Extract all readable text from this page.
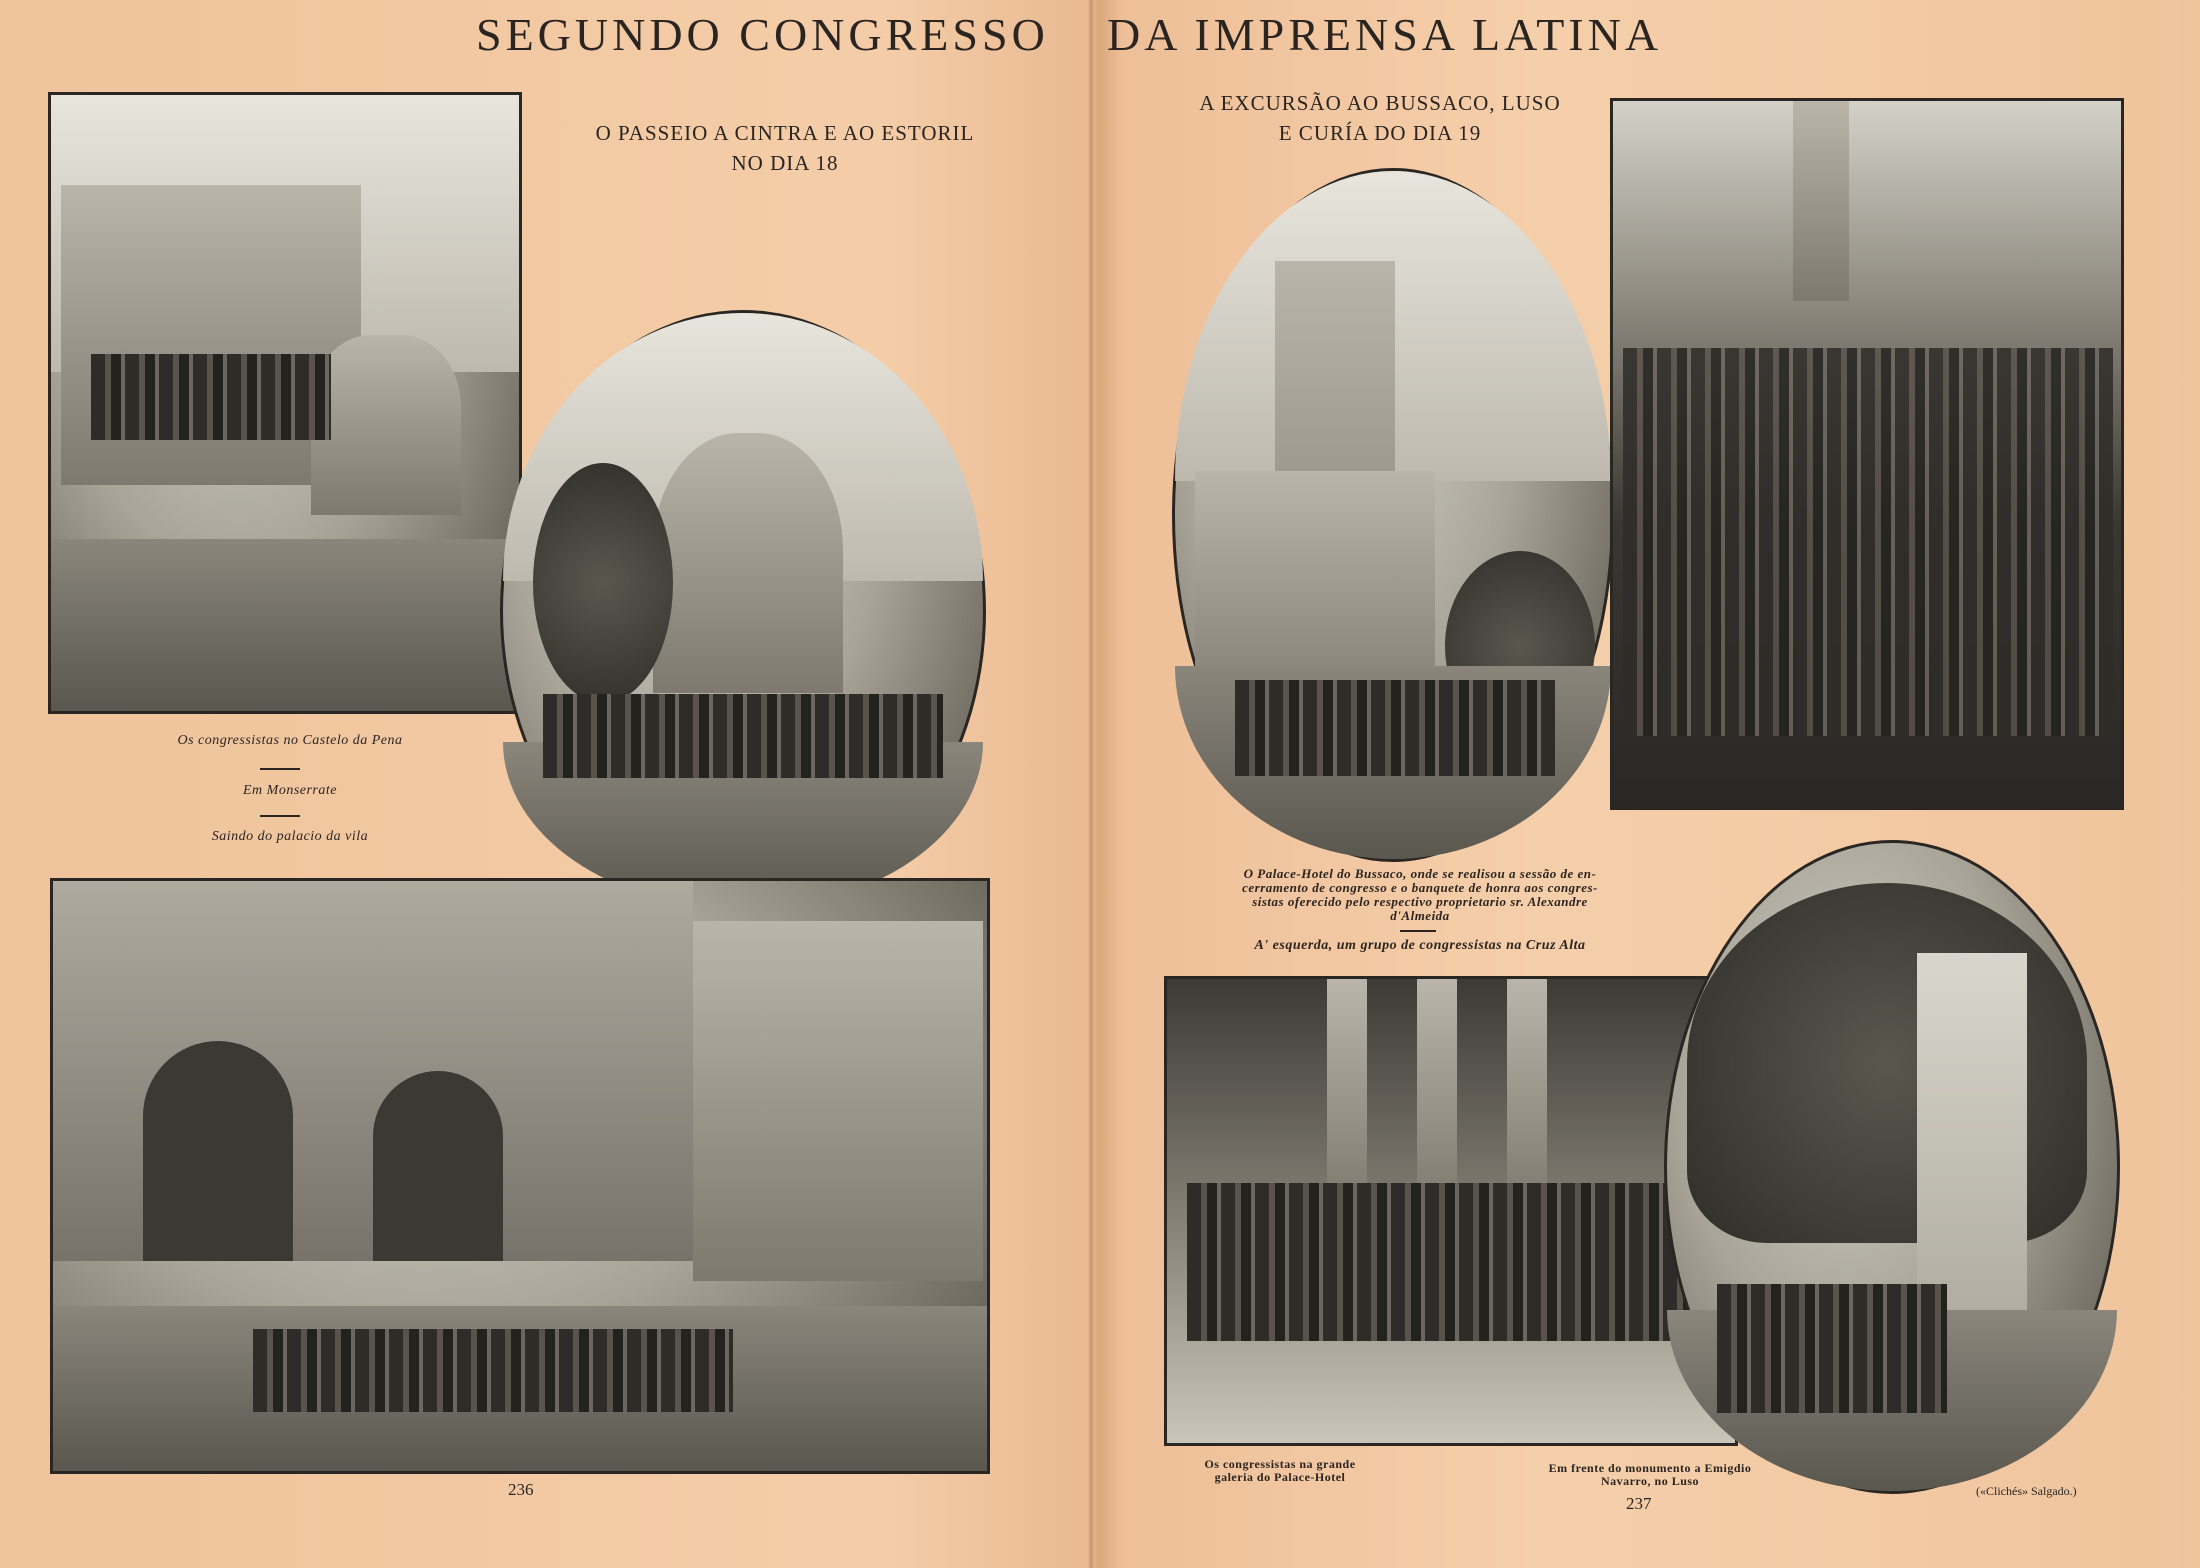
SEGUNDO CONGRESSO DA IMPRENSA LATINA
O PASSEIO A CINTRA E AO ESTORIL
NO DIA 18
Os congressistas no Castelo da Pena
Em Monserrate
Saindo do palacio da vila
236
A EXCURSÃO AO BUSSACO, LUSO
E CURÍA DO DIA 19
O Palace-Hotel do Bussaco, onde se realisou a sessão de en-
cerramento de congresso e o banquete de honra aos congres-
sistas oferecido pelo respectivo proprietario sr. Alexandre
d'Almeida
A' esquerda, um grupo de congressistas na Cruz Alta
Os congressistas na grande
galeria do Palace-Hotel
Em frente do monumento a Emigdio
Navarro, no Luso
237
(«Clichés» Salgado.)
